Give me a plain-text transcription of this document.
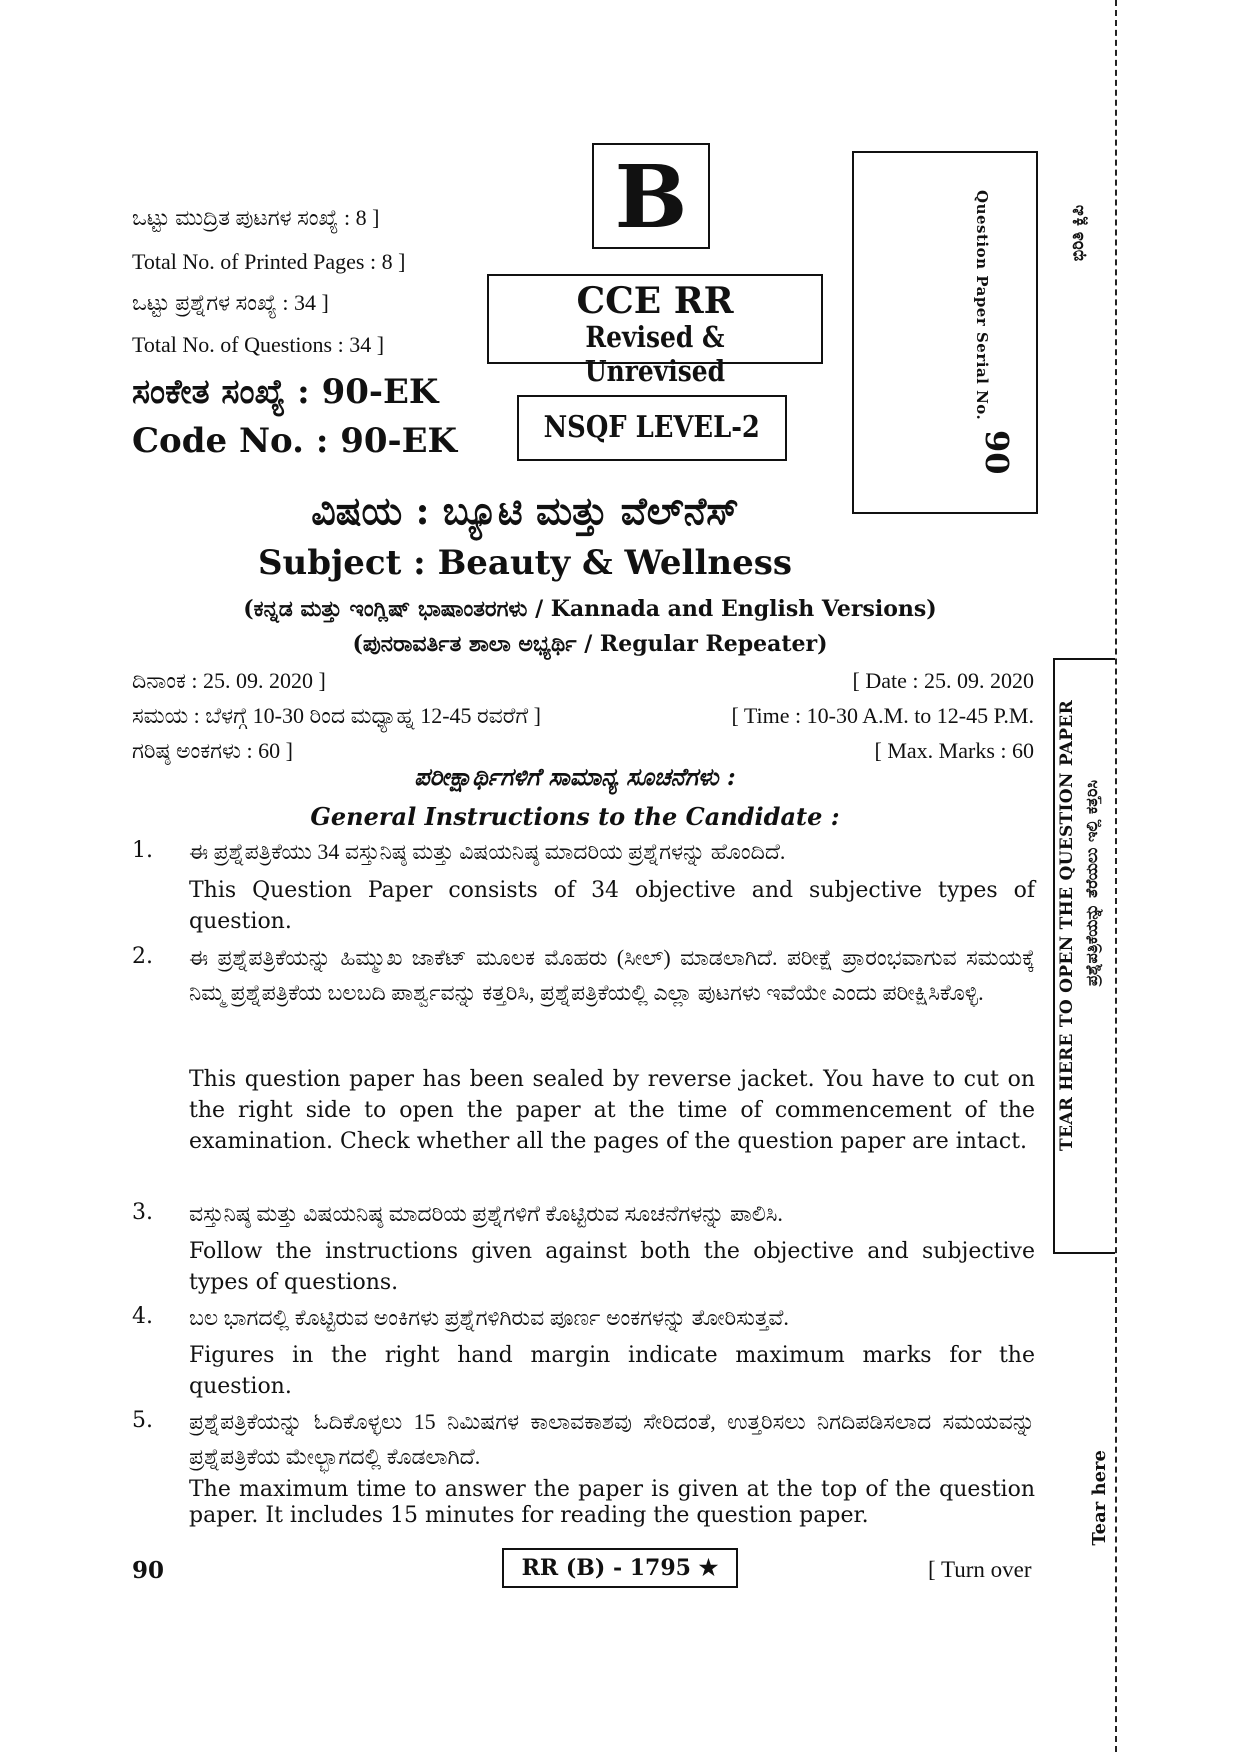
ಭಿರಿತಿ ಕ್ಲಿಪಿ
TEAR HERE TO OPEN THE QUESTION PAPER ಪ್ರಶ್ನೆಪತ್ರಿಕೆಯನ್ನು ತೆರೆಯಲು ಇಲ್ಲಿ ಕತ್ತರಿಸಿ
Tear here
ಒಟ್ಟು ಮುದ್ರಿತ ಪುಟಗಳ ಸಂಖ್ಯೆ : 8 ]
Total No. of Printed Pages : 8 ]
ಒಟ್ಟು ಪ್ರಶ್ನೆಗಳ ಸಂಖ್ಯೆ : 34 ]
Total No. of Questions : 34 ]
ಸಂಕೇತ ಸಂಖ್ಯೆ : 90-EK
Code No. : 90-EK
B
CCE RR
Revised & Unrevised
NSQF LEVEL-2
Question Paper Serial No.
90
ವಿಷಯ : ಬ್ಯೂಟಿ ಮತ್ತು ವೆಲ್‌ನೆಸ್
Subject : Beauty & Wellness
(ಕನ್ನಡ ಮತ್ತು ಇಂಗ್ಲಿಷ್ ಭಾಷಾಂತರಗಳು / Kannada and English Versions)
(ಪುನರಾವರ್ತಿತ ಶಾಲಾ ಅಭ್ಯರ್ಥಿ / Regular Repeater)
ದಿನಾಂಕ : 25. 09. 2020 ]	[ Date : 25. 09. 2020
ಸಮಯ : ಬೆಳಗ್ಗೆ 10-30 ರಿಂದ ಮಧ್ಯಾಹ್ನ 12-45 ರವರೆಗೆ ]	[ Time : 10-30 A.M. to 12-45 P.M.
ಗರಿಷ್ಠ ಅಂಕಗಳು : 60 ]	[ Max. Marks : 60
ಪರೀಕ್ಷಾರ್ಥಿಗಳಿಗೆ ಸಾಮಾನ್ಯ ಸೂಚನೆಗಳು :
General Instructions to the Candidate :
1. ಈ ಪ್ರಶ್ನೆಪತ್ರಿಕೆಯು 34 ವಸ್ತುನಿಷ್ಠ ಮತ್ತು ವಿಷಯನಿಷ್ಠ ಮಾದರಿಯ ಪ್ರಶ್ನೆಗಳನ್ನು ಹೊಂದಿದೆ.
This Question Paper consists of 34 objective and subjective types of question.
2. ಈ ಪ್ರಶ್ನೆಪತ್ರಿಕೆಯನ್ನು ಹಿಮ್ಮುಖ ಜಾಕೆಟ್ ಮೂಲಕ ಮೊಹರು (ಸೀಲ್) ಮಾಡಲಾಗಿದೆ. ಪರೀಕ್ಷೆ ಪ್ರಾರಂಭವಾಗುವ ಸಮಯಕ್ಕೆ ನಿಮ್ಮ ಪ್ರಶ್ನೆಪತ್ರಿಕೆಯ ಬಲಬದಿ ಪಾರ್ಶ್ವವನ್ನು ಕತ್ತರಿಸಿ, ಪ್ರಶ್ನೆಪತ್ರಿಕೆಯಲ್ಲಿ ಎಲ್ಲಾ ಪುಟಗಳು ಇವೆಯೇ ಎಂದು ಪರೀಕ್ಷಿಸಿಕೊಳ್ಳಿ.
This question paper has been sealed by reverse jacket. You have to cut on the right side to open the paper at the time of commencement of the examination. Check whether all the pages of the question paper are intact.
3. ವಸ್ತುನಿಷ್ಠ ಮತ್ತು ವಿಷಯನಿಷ್ಠ ಮಾದರಿಯ ಪ್ರಶ್ನೆಗಳಿಗೆ ಕೊಟ್ಟಿರುವ ಸೂಚನೆಗಳನ್ನು ಪಾಲಿಸಿ.
Follow the instructions given against both the objective and subjective types of questions.
4. ಬಲ ಭಾಗದಲ್ಲಿ ಕೊಟ್ಟಿರುವ ಅಂಕಿಗಳು ಪ್ರಶ್ನೆಗಳಿಗಿರುವ ಪೂರ್ಣ ಅಂಕಗಳನ್ನು ತೋರಿಸುತ್ತವೆ.
Figures in the right hand margin indicate maximum marks for the question.
5. ಪ್ರಶ್ನೆಪತ್ರಿಕೆಯನ್ನು ಓದಿಕೊಳ್ಳಲು 15 ನಿಮಿಷಗಳ ಕಾಲಾವಕಾಶವು ಸೇರಿದಂತೆ, ಉತ್ತರಿಸಲು ನಿಗದಿಪಡಿಸಲಾದ ಸಮಯವನ್ನು ಪ್ರಶ್ನೆಪತ್ರಿಕೆಯ ಮೇಲ್ಭಾಗದಲ್ಲಿ ಕೊಡಲಾಗಿದೆ.
The maximum time to answer the paper is given at the top of the question paper. It includes 15 minutes for reading the question paper.
90	RR (B) - 1795 ★	[ Turn over
